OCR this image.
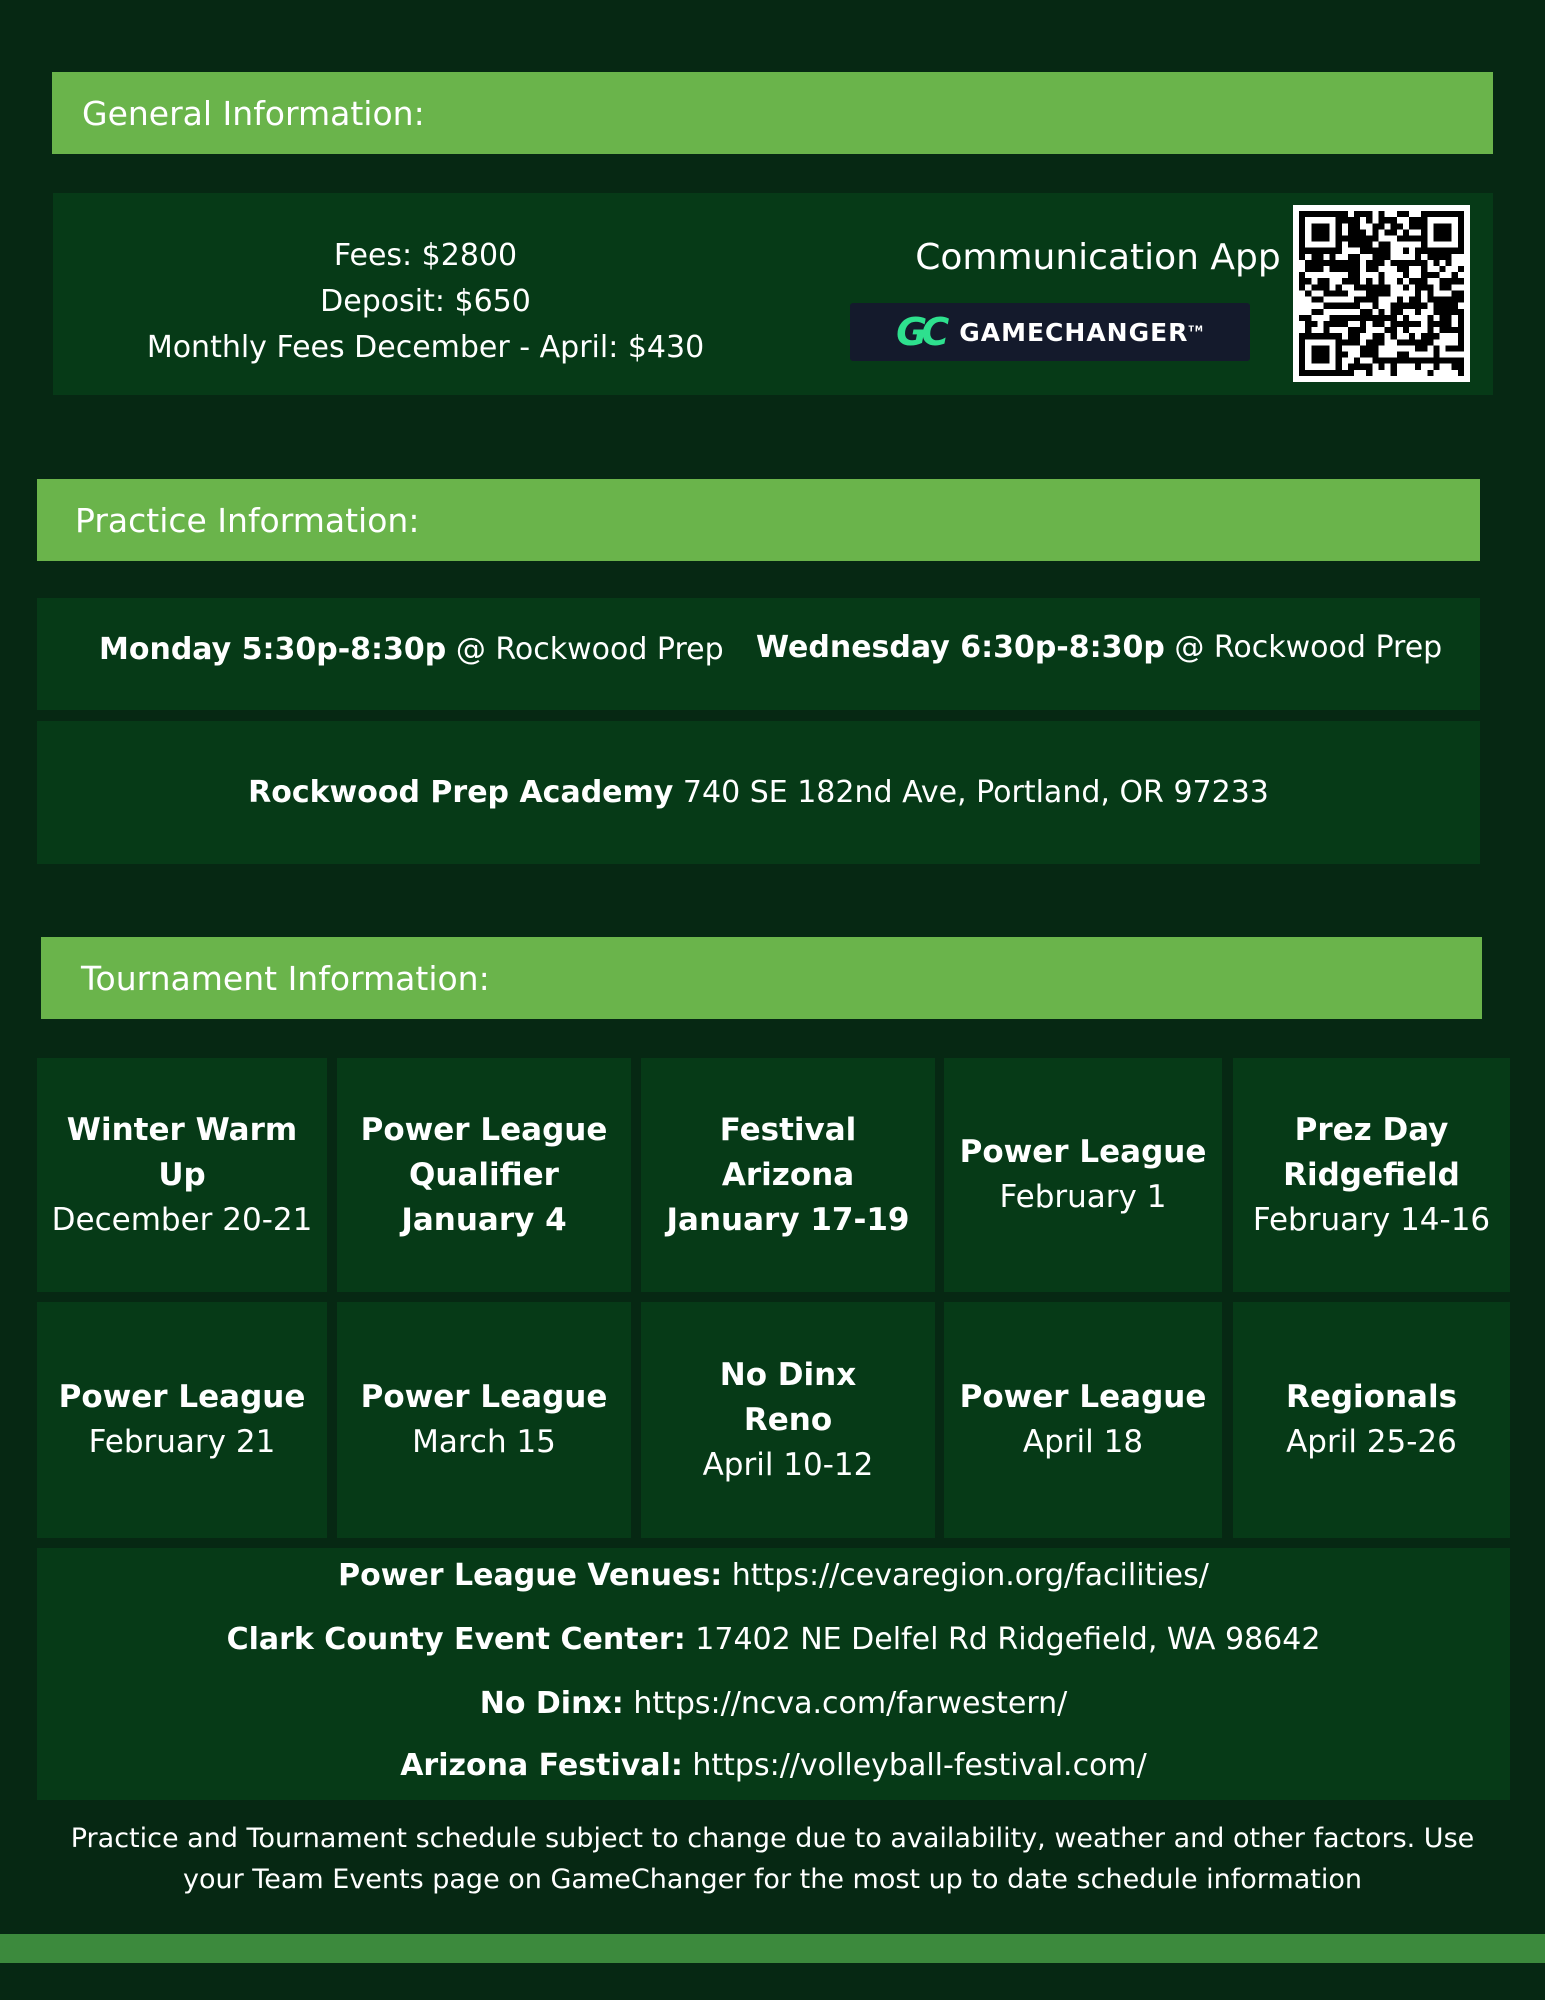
General Information:
Fees: $2800
Deposit: $650
Monthly Fees December - April: $430
Communication App
GC GAMECHANGER™
Practice Information:
Monday 5:30p-8:30p @ Rockwood Prep Wednesday 6:30p-8:30p @ Rockwood Prep
Rockwood Prep Academy 740 SE 182nd Ave, Portland, OR 97233
Tournament Information:
Winter Warm Up
December 20-21
Power League
Qualifier
January 4
Festival Arizona
January 17-19
Power League
February 1
Prez Day
Ridgefield
February 14-16
Power League
February 21
Power League
March 15
No Dinx
Reno
April 10-12
Power League
April 18
Regionals
April 25-26
Power League Venues: https://cevaregion.org/facilities/
Clark County Event Center: 17402 NE Delfel Rd Ridgefield, WA 98642
No Dinx: https://ncva.com/farwestern/
Arizona Festival: https://volleyball-festival.com/
Practice and Tournament schedule subject to change due to availability, weather and other factors. Use
your Team Events page on GameChanger for the most up to date schedule information
